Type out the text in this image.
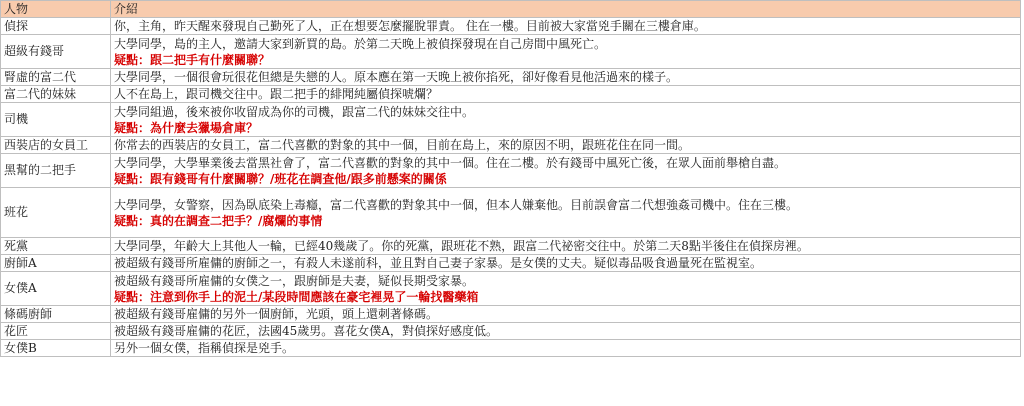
人物	介紹
偵探	你，主角，昨天醒來發現自己勤死了人，正在想要怎麼擺脫罪責。 住在一樓。目前被大家當兇手關在三樓倉庫。

超級有錢哥	大學同學，島的主人，邀請大家到新買的島。於第二天晚上被偵探發現在自己房間中風死亡。
疑點：跟二把手有什麼關聯？

腎虛的富二代	大學同學，一個很會玩很花但總是失戀的人。原本應在第一天晚上被你掐死，卻好像看見他活過來的樣子。

富二代的妹妹	人不在島上，跟司機交往中。跟二把手的緋聞純屬偵探唬爛？

司機	大學同組過，後來被你收留成為你的司機，跟富二代的妹妹交往中。
疑點：為什麼去獵場倉庫？

西裝店的女員工	你常去的西裝店的女員工，富二代喜歡的對象的其中一個，目前在島上，來的原因不明，跟班花住在同一間。

黑幫的二把手	大學同學，大學畢業後去當黑社會了，富二代喜歡的對象的其中一個。住在二樓。於有錢哥中風死亡後，在眾人面前舉槍自盡。
疑點：跟有錢哥有什麼關聯？/班花在調查他/跟多前懸案的關係

班花	大學同學，女警察，因為臥底染上毒癮，富二代喜歡的對象其中一個，但本人嫌棄他。目前誤會富二代想強姦司機中。住在三樓。
疑點：真的在調查二把手？/腐爛的事情

死黨	大學同學，年齡大上其他人一輪，已經40幾歲了。你的死黨，跟班花不熟，跟富二代祕密交往中。於第二天8點半後住在偵探房裡。

廚師A	被超級有錢哥所雇傭的廚師之一，有殺人未遂前科，並且對自己妻子家暴。是女僕的丈夫。疑似毒品吸食過量死在監視室。

女僕A	被超級有錢哥所雇傭的女僕之一，跟廚師是夫妻，疑似長期受家暴。
疑點：注意到你手上的泥土/某段時間應該在豪宅裡晃了一輪找醫藥箱

條碼廚師	被超級有錢哥雇傭的另外一個廚師，光頭，頭上還刺著條碼。

花匠	被超級有錢哥雇傭的花匠，法國45歲男。喜花女僕A，對偵探好感度低。

女僕B	另外一個女僕，指稱偵探是兇手。
